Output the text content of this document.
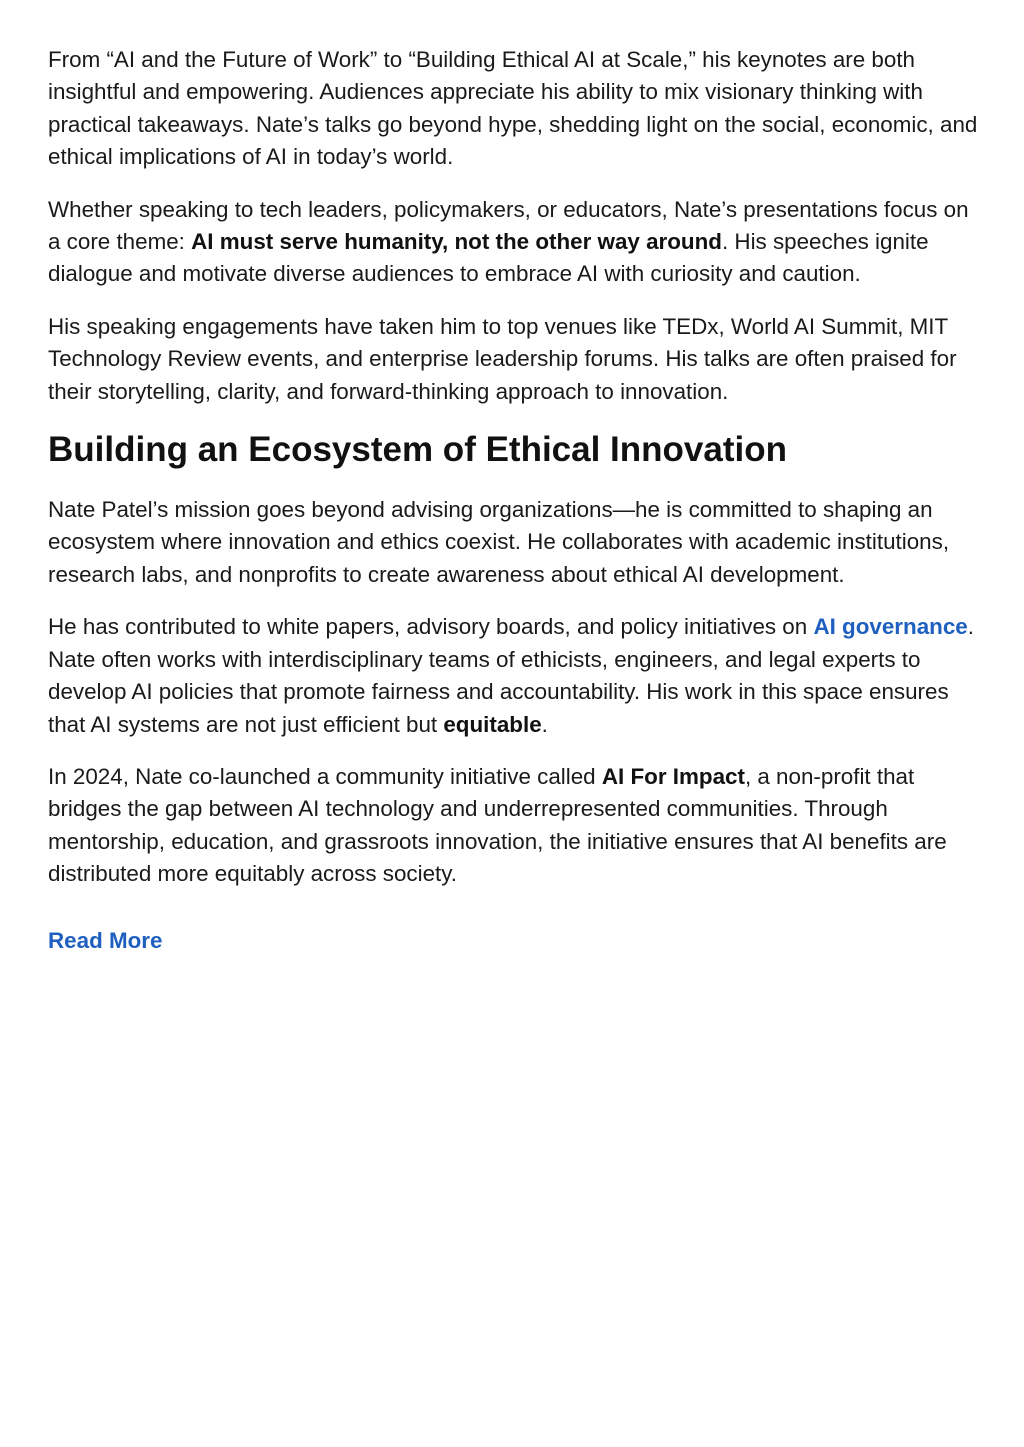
From “AI and the Future of Work” to “Building Ethical AI at Scale,” his keynotes are both insightful and empowering. Audiences appreciate his ability to mix visionary thinking with practical takeaways. Nate’s talks go beyond hype, shedding light on the social, economic, and ethical implications of AI in today’s world.

Whether speaking to tech leaders, policymakers, or educators, Nate’s presentations focus on a core theme: AI must serve humanity, not the other way around. His speeches ignite dialogue and motivate diverse audiences to embrace AI with curiosity and caution.

His speaking engagements have taken him to top venues like TEDx, World AI Summit, MIT Technology Review events, and enterprise leadership forums. His talks are often praised for their storytelling, clarity, and forward-thinking approach to innovation.

Building an Ecosystem of Ethical Innovation

Nate Patel’s mission goes beyond advising organizations—he is committed to shaping an ecosystem where innovation and ethics coexist. He collaborates with academic institutions, research labs, and nonprofits to create awareness about ethical AI development.

He has contributed to white papers, advisory boards, and policy initiatives on AI governance. Nate often works with interdisciplinary teams of ethicists, engineers, and legal experts to develop AI policies that promote fairness and accountability. His work in this space ensures that AI systems are not just efficient but equitable.

In 2024, Nate co-launched a community initiative called AI For Impact, a non-profit that bridges the gap between AI technology and underrepresented communities. Through mentorship, education, and grassroots innovation, the initiative ensures that AI benefits are distributed more equitably across society.

Read More
